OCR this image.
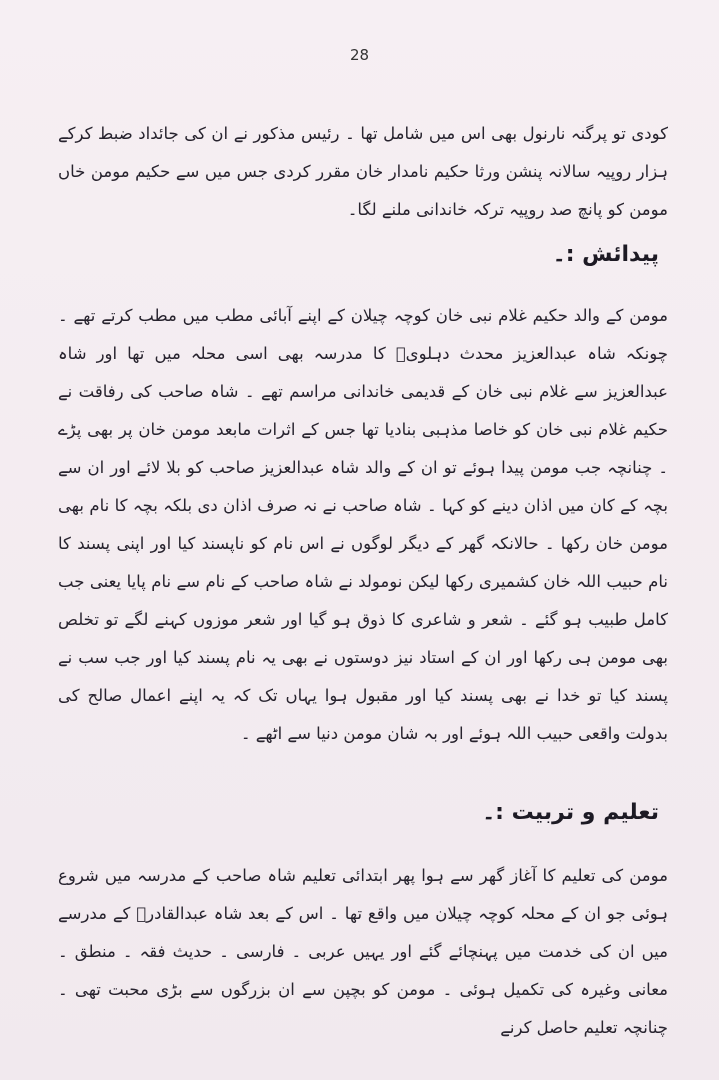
28

کودی تو پرگنہ نارنول بھی اس میں شامل تھا ۔ رئیس مذکور نے ان کی جائداد ضبط کرکے ہزار روپیہ سالانہ پنشن ورثا حکیم نامدار خان مقرر کردی جس میں سے حکیم مومن خاں مومن کو پانچ صد روپیہ ترکہ خاندانی ملنے لگا۔

پیدائش :۔

مومن کے والد حکیم غلام نبی خان کوچہ چیلان کے اپنے آبائی مطب میں مطب کرتے تھے ۔ چونکہ شاہ عبدالعزیز محدث دہلویؒ کا مدرسہ بھی اسی محلہ میں تھا اور شاہ عبدالعزیز سے غلام نبی خان کے قدیمی خاندانی مراسم تھے ۔ شاہ صاحب کی رفاقت نے حکیم غلام نبی خان کو خاصا مذہبی بنادیا تھا جس کے اثرات مابعد مومن خان پر بھی پڑے ۔ چنانچہ جب مومن پیدا ہوئے تو ان کے والد شاہ عبدالعزیز صاحب کو بلا لائے اور ان سے بچہ کے کان میں اذان دینے کو کہا ۔ شاہ صاحب نے نہ صرف اذان دی بلکہ بچہ کا نام بھی مومن خان رکھا ۔ حالانکہ گھر کے دیگر لوگوں نے اس نام کو ناپسند کیا اور اپنی پسند کا نام حبیب اللہ خان کشمیری رکھا لیکن نومولد نے شاہ صاحب کے نام سے نام پایا یعنی جب کامل طبیب ہو گئے ۔ شعر و شاعری کا ذوق ہو گیا اور شعر موزوں کہنے لگے تو تخلص بھی مومن ہی رکھا اور ان کے استاد نیز دوستوں نے بھی یہ نام پسند کیا اور جب سب نے پسند کیا تو خدا نے بھی پسند کیا اور مقبول ہوا یہاں تک کہ یہ اپنے اعمال صالح کی بدولت واقعی حبیب اللہ ہوئے اور بہ شان مومن دنیا سے اٹھے ۔

تعلیم و تربیت :۔

مومن کی تعلیم کا آغاز گھر سے ہوا پھر ابتدائی تعلیم شاہ صاحب کے مدرسہ میں شروع ہوئی جو ان کے محلہ کوچہ چیلان میں واقع تھا ۔ اس کے بعد شاہ عبدالقادرؒ کے مدرسے میں ان کی خدمت میں پہنچائے گئے اور یہیں عربی ۔ فارسی ۔ حدیث فقہ ۔ منطق ۔ معانی وغیرہ کی تکمیل ہوئی ۔ مومن کو بچپن سے ان بزرگوں سے بڑی محبت تھی ۔ چنانچہ تعلیم حاصل کرنے
